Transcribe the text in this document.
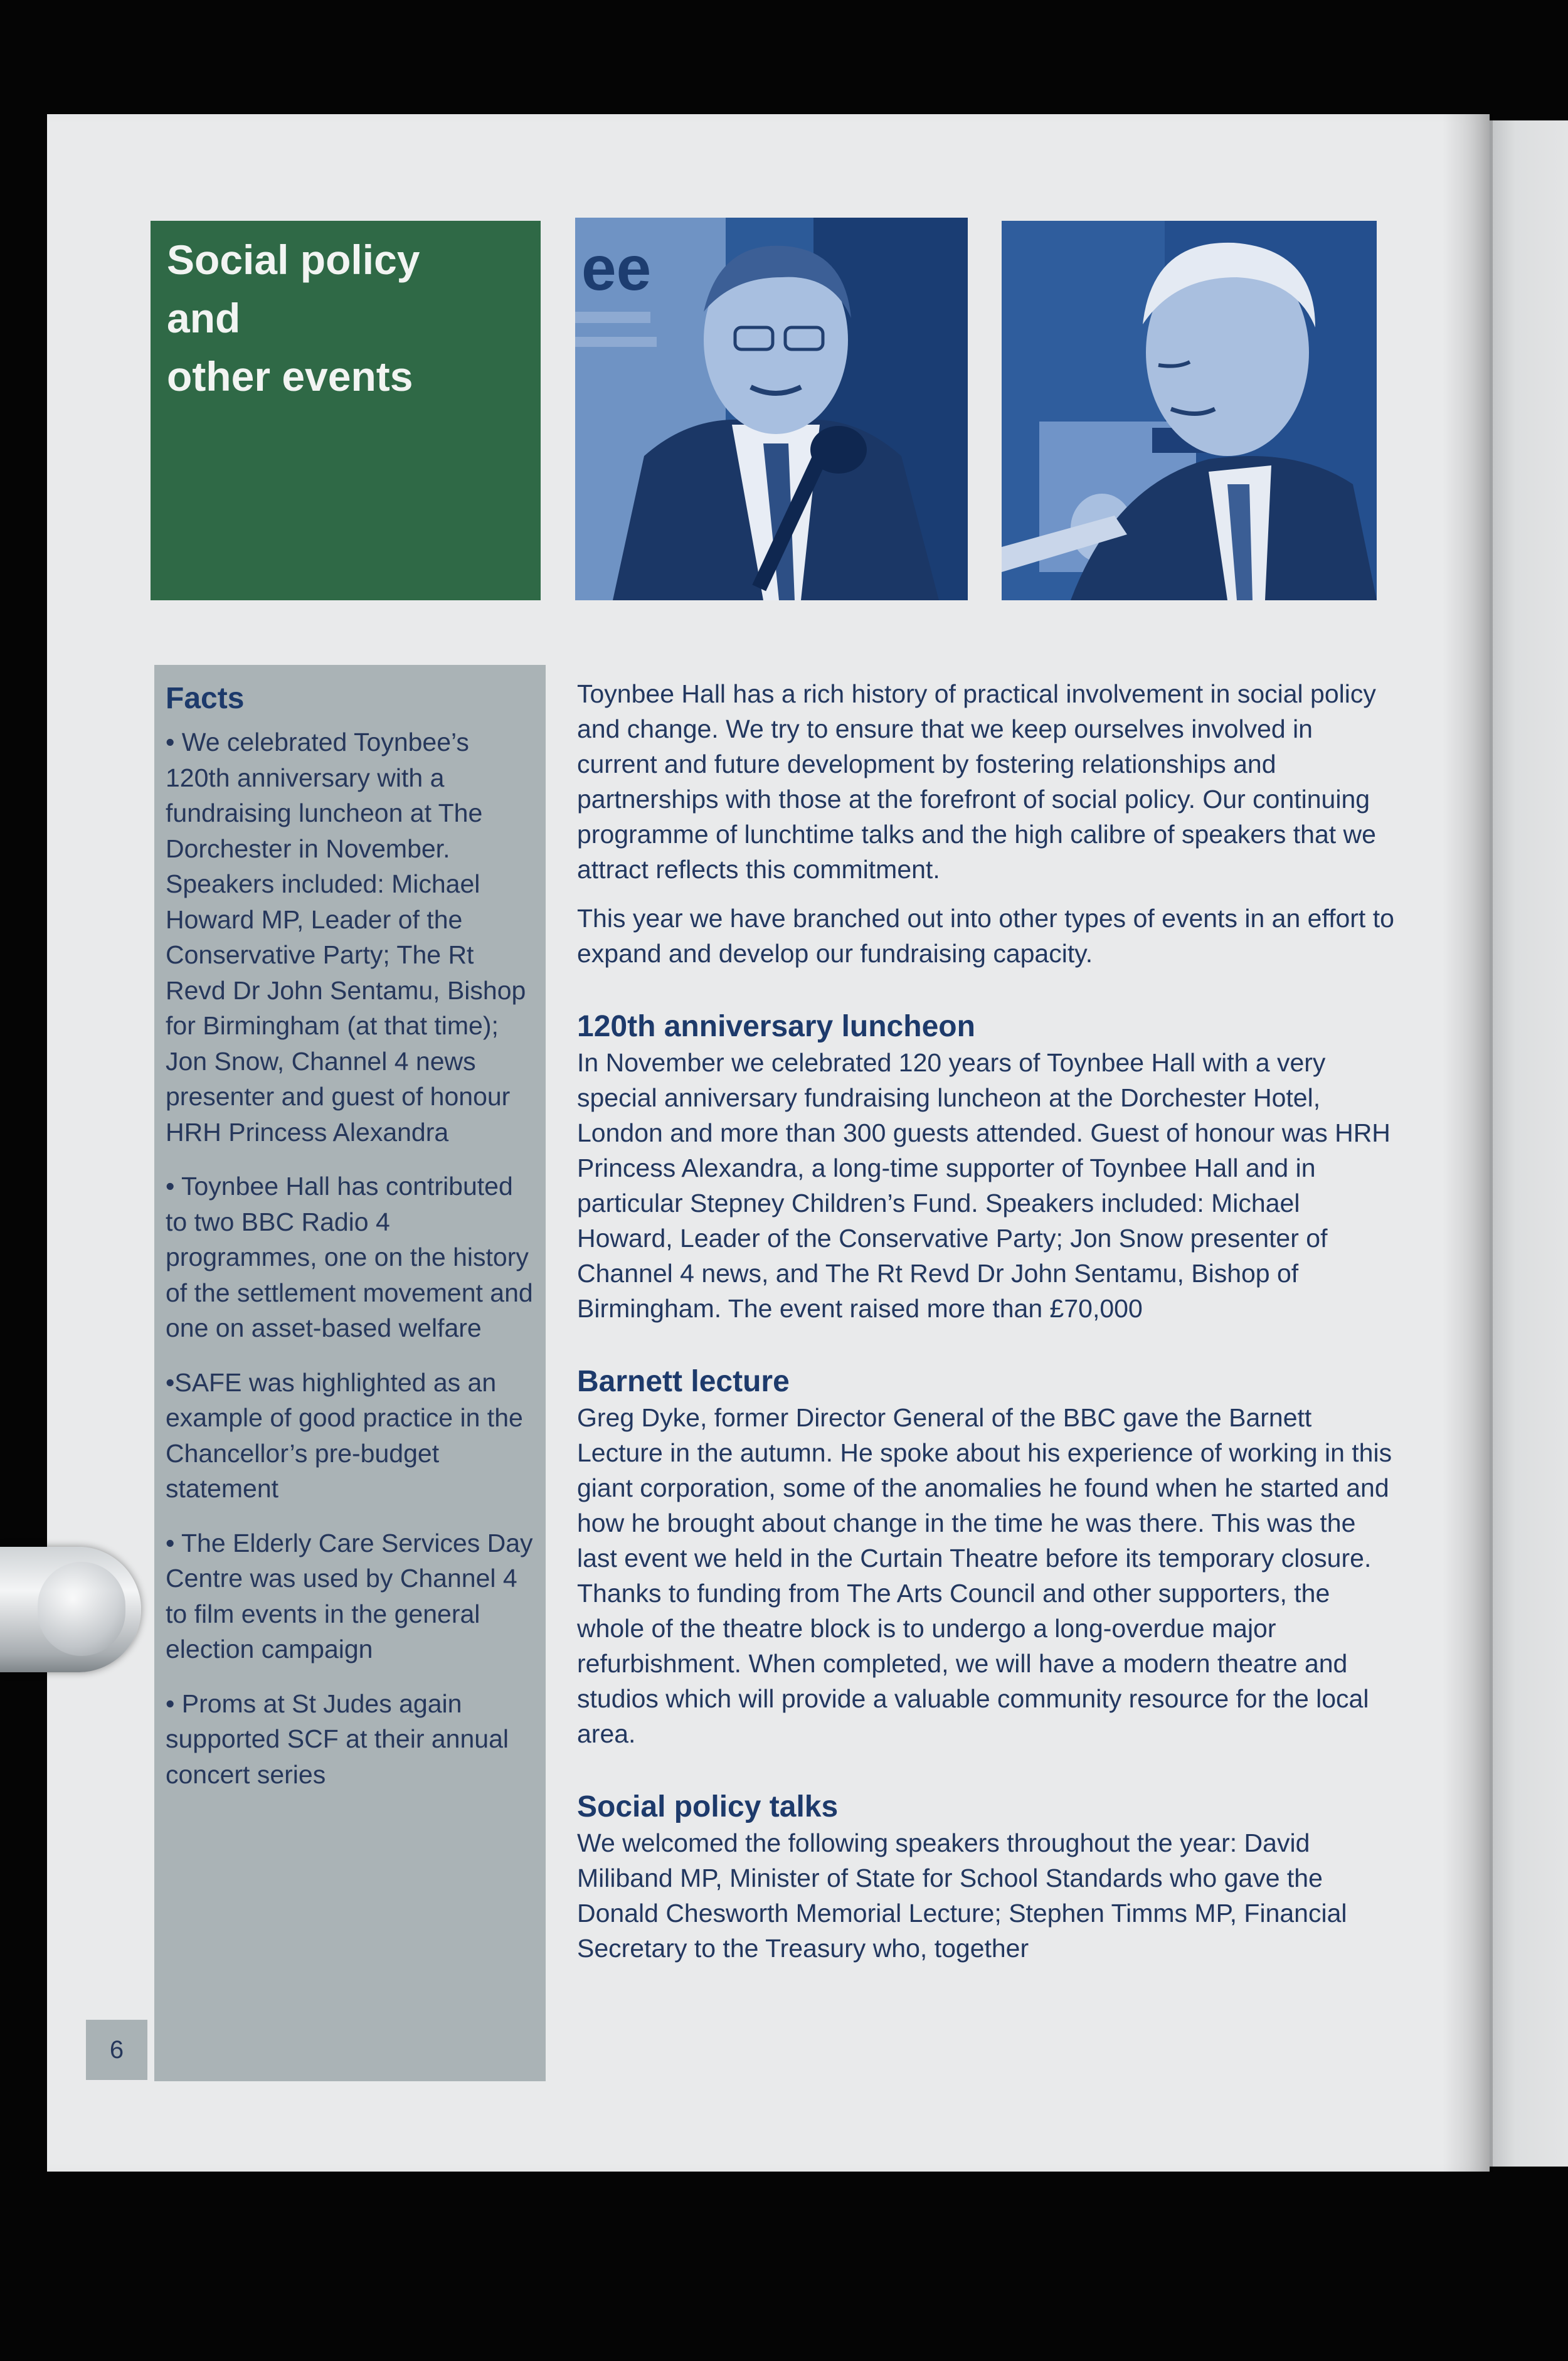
Social policy
and
other events
ee
Facts

• We celebrated Toynbee’s 120th anniversary with a fundraising luncheon at The Dorchester in November. Speakers included: Michael Howard MP, Leader of the Conservative Party; The Rt Revd Dr John Sentamu, Bishop for Birmingham (at that time); Jon Snow, Channel 4 news presenter and guest of honour HRH Princess Alexandra

• Toynbee Hall has contributed to two BBC Radio 4 programmes, one on the history of the settlement movement and one on asset-based welfare

•SAFE was highlighted as an example of good practice in the Chancellor’s pre-budget statement

• The Elderly Care Services Day Centre was used by Channel 4 to film events in the general election campaign

• Proms at St Judes again supported SCF at their annual concert series

6

Toynbee Hall has a rich history of practical involvement in social policy and change. We try to ensure that we keep ourselves involved in current and future development by fostering relationships and partnerships with those at the forefront of social policy. Our continuing programme of lunchtime talks and the high calibre of speakers that we attract reflects this commitment.

This year we have branched out into other types of events in an effort to expand and develop our fundraising capacity.

120th anniversary luncheon

In November we celebrated 120 years of Toynbee Hall with a very special anniversary fundraising luncheon at the Dorchester Hotel, London and more than 300 guests attended. Guest of honour was HRH Princess Alexandra, a long-time supporter of Toynbee Hall and in particular Stepney Children’s Fund. Speakers included: Michael Howard, Leader of the Conservative Party; Jon Snow presenter of Channel 4 news, and The Rt Revd Dr John Sentamu, Bishop of Birmingham. The event raised more than £70,000

Barnett lecture

Greg Dyke, former Director General of the BBC gave the Barnett Lecture in the autumn. He spoke about his experience of working in this giant corporation, some of the anomalies he found when he started and how he brought about change in the time he was there. This was the last event we held in the Curtain Theatre before its temporary closure. Thanks to funding from The Arts Council and other supporters, the whole of the theatre block is to undergo a long-overdue major refurbishment. When completed, we will have a modern theatre and studios which will provide a valuable community resource for the local area.

Social policy talks

We welcomed the following speakers throughout the year: David Miliband MP, Minister of State for School Standards who gave the Donald Chesworth Memorial Lecture; Stephen Timms MP, Financial Secretary to the Treasury who, together
